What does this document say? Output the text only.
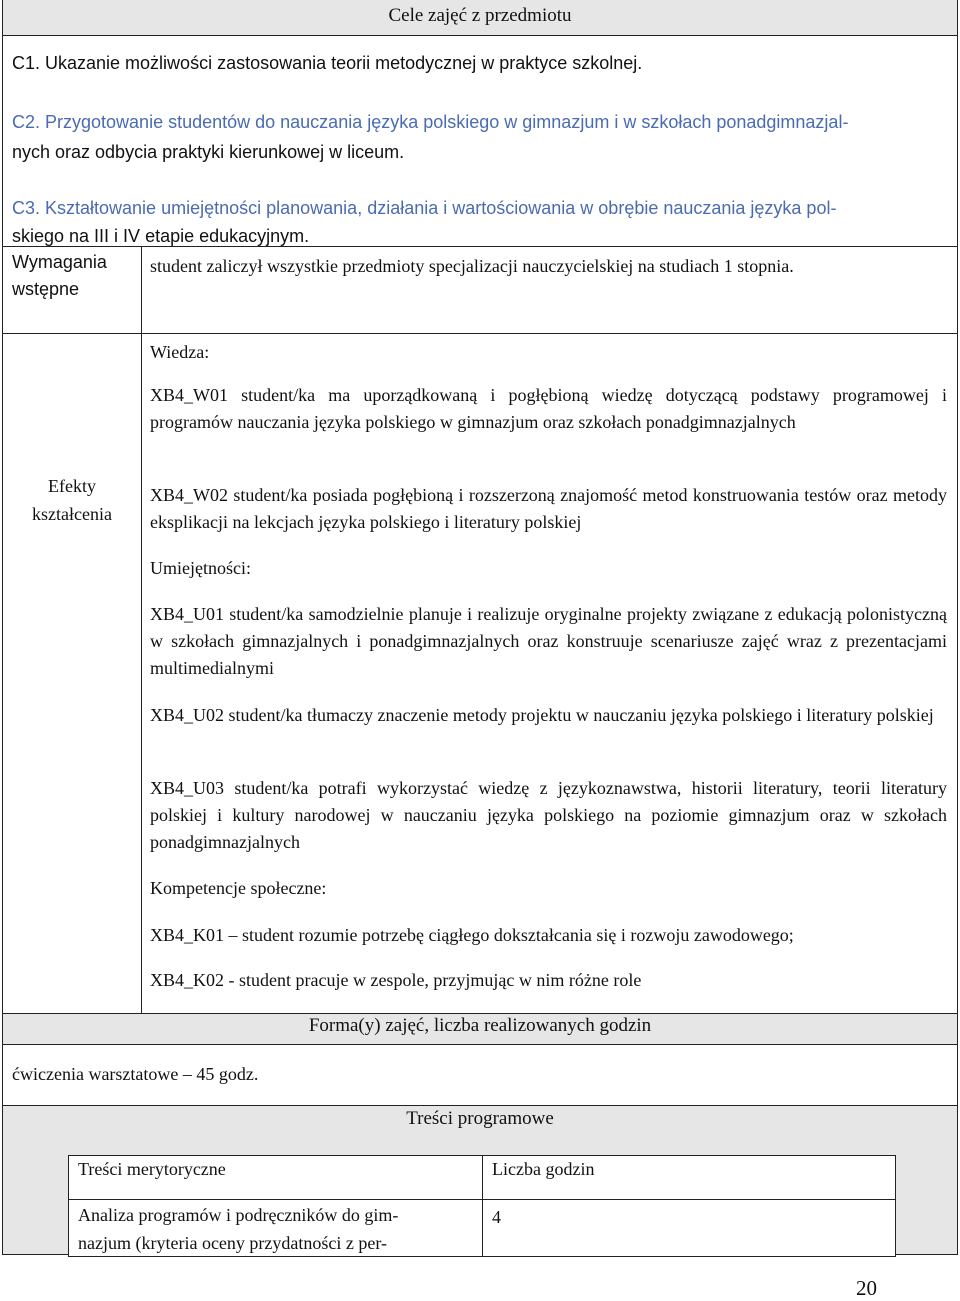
Cele zajęć z przedmiotu
C1. Ukazanie możliwości zastosowania teorii metodycznej w praktyce szkolnej.
C2. Przygotowanie studentów do nauczania języka polskiego w gimnazjum i w szkołach ponadgimnazjal-
nych oraz odbycia praktyki kierunkowej w liceum.
C3. Kształtowanie umiejętności planowania, działania i wartościowania w obrębie nauczania języka pol-
skiego na III i IV etapie edukacyjnym.
Wymagania
wstępne
student zaliczył wszystkie przedmioty specjalizacji nauczycielskiej na studiach 1 stopnia.
Efekty
kształcenia
Wiedza:

XB4_W01 student/ka ma uporządkowaną i pogłębioną wiedzę dotyczącą podstawy programowej i programów nauczania języka polskiego w gimnazjum oraz szkołach ponadgimnazjalnych

XB4_W02 student/ka posiada pogłębioną i rozszerzoną znajomość metod konstruowania testów oraz metody eksplikacji na lekcjach języka polskiego i literatury polskiej

Umiejętności:

XB4_U01 student/ka samodzielnie planuje i realizuje oryginalne projekty związane z edukacją polonistyczną w szkołach gimnazjalnych i ponadgimnazjalnych oraz konstruuje scenariusze zajęć wraz z prezentacjami multimedialnymi

XB4_U02 student/ka tłumaczy znaczenie metody projektu w nauczaniu języka polskiego i literatury polskiej

XB4_U03 student/ka potrafi wykorzystać wiedzę z językoznawstwa, historii literatury, teorii literatury polskiej i kultury narodowej w nauczaniu języka polskiego na poziomie gimnazjum oraz w szkołach ponadgimnazjalnych

Kompetencje społeczne:
XB4_K01 – student rozumie potrzebę ciągłego dokształcania się i rozwoju zawodowego;
XB4_K02 - student pracuje w zespole, przyjmując w nim różne role
Forma(y) zajęć, liczba realizowanych godzin
ćwiczenia warsztatowe – 45 godz.
Treści programowe
Treści merytoryczne	Liczba godzin
Analiza programów i podręczników do gim-
nazjum (kryteria oceny przydatności z per-
4
20
